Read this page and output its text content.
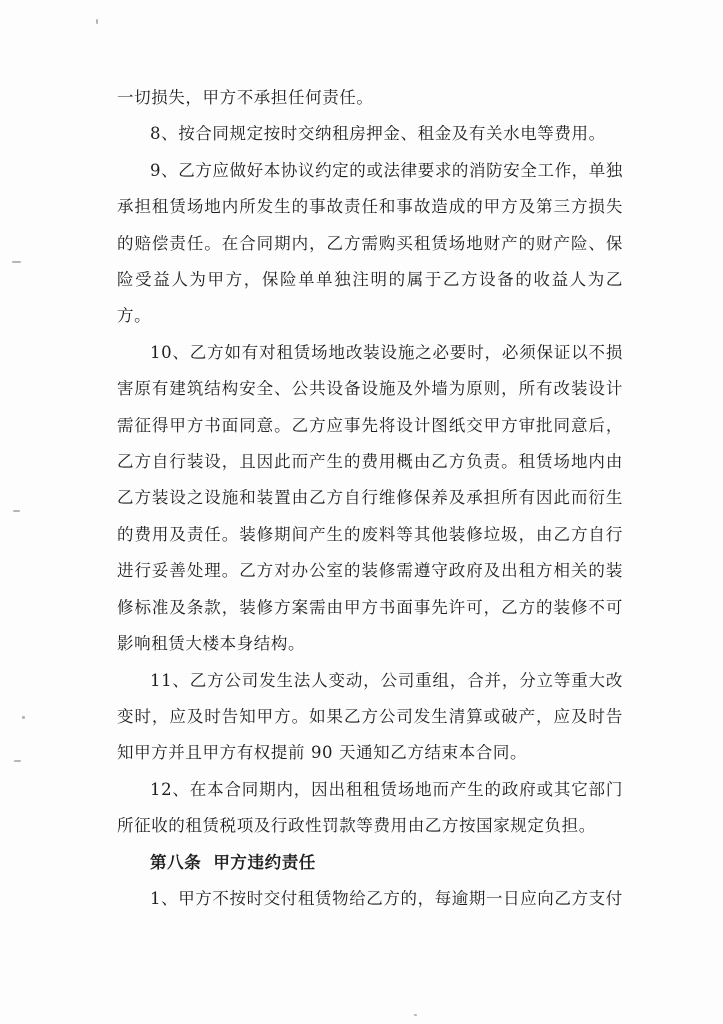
一切损失，甲方不承担任何责任。

8、按合同规定按时交纳租房押金、租金及有关水电等费用。

9、乙方应做好本协议约定的或法律要求的消防安全工作，单独承担租赁场地内所发生的事故责任和事故造成的甲方及第三方损失的赔偿责任。在合同期内，乙方需购买租赁场地财产的财产险、保险受益人为甲方，保险单单独注明的属于乙方设备的收益人为乙方。

10、乙方如有对租赁场地改装设施之必要时，必须保证以不损害原有建筑结构安全、公共设备设施及外墙为原则，所有改装设计需征得甲方书面同意。乙方应事先将设计图纸交甲方审批同意后，乙方自行装设，且因此而产生的费用概由乙方负责。租赁场地内由乙方装设之设施和装置由乙方自行维修保养及承担所有因此而衍生的费用及责任。装修期间产生的废料等其他装修垃圾，由乙方自行进行妥善处理。乙方对办公室的装修需遵守政府及出租方相关的装修标准及条款，装修方案需由甲方书面事先许可，乙方的装修不可影响租赁大楼本身结构。

11、乙方公司发生法人变动，公司重组，合并，分立等重大改变时，应及时告知甲方。如果乙方公司发生清算或破产，应及时告知甲方并且甲方有权提前 90 天通知乙方结束本合同。

12、在本合同期内，因出租租赁场地而产生的政府或其它部门所征收的租赁税项及行政性罚款等费用由乙方按国家规定负担。

第八条 甲方违约责任

1、甲方不按时交付租赁物给乙方的，每逾期一日应向乙方支付
